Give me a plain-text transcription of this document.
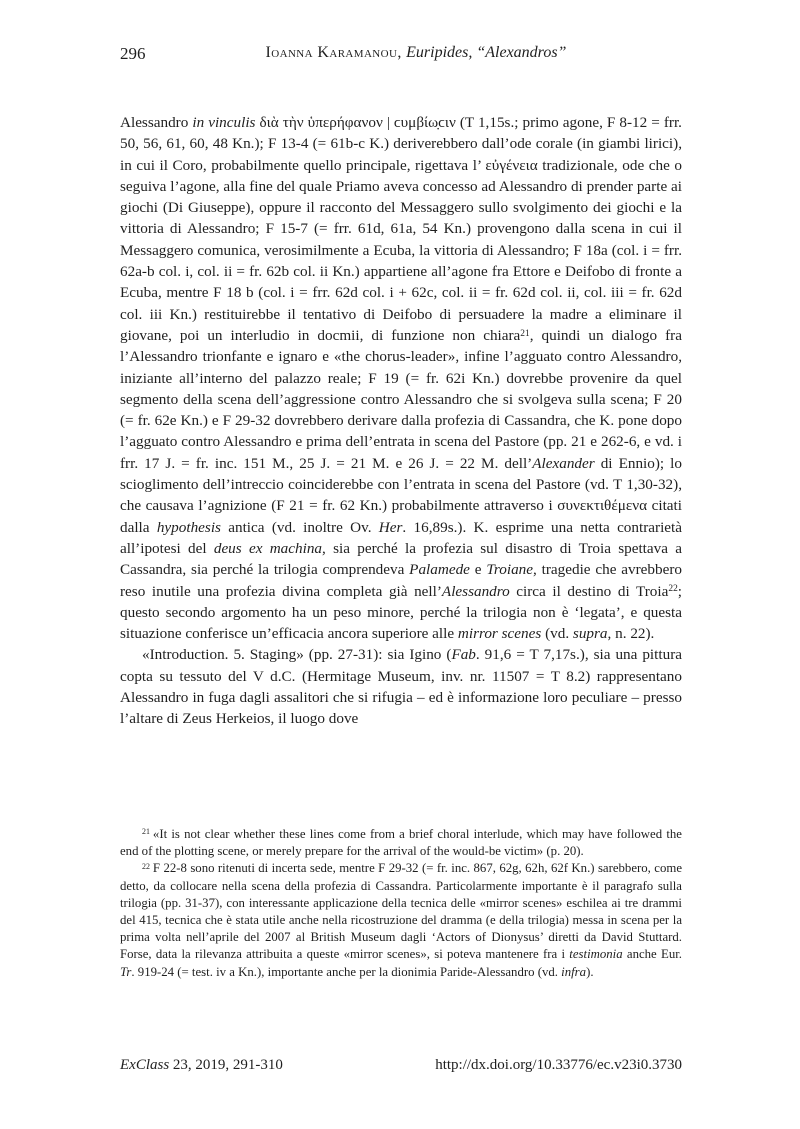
296	Ioanna Karamanou, Euripides, “Alexandros”

Alessandro in vinculis διὰ τὴν ὑπερήφανον | ϲυμβίω̣ϲιν (T 1,15s.; primo agone, F 8-12 = frr. 50, 56, 61, 60, 48 Kn.); F 13-4 (= 61b-c K.) deriverebbero dall’ode corale (in giambi lirici), in cui il Coro, probabilmente quello principale, rigettava l’ εὐγένεια tradizionale, ode che o seguiva l’agone, alla fine del quale Priamo aveva concesso ad Alessandro di prender parte ai giochi (Di Giuseppe), oppure il racconto del Messaggero sullo svolgimento dei giochi e la vittoria di Alessandro; F 15-7 (= frr. 61d, 61a, 54 Kn.) provengono dalla scena in cui il Messaggero comunica, verosimilmente a Ecuba, la vittoria di Alessandro; F 18a (col. i = frr. 62a-b col. i, col. ii = fr. 62b col. ii Kn.) appartiene all’agone fra Ettore e Deifobo di fronte a Ecuba, mentre F 18 b (col. i = frr. 62d col. i + 62c, col. ii = fr. 62d col. ii, col. iii = fr. 62d col. iii Kn.) restituirebbe il tentativo di Deifobo di persuadere la madre a eliminare il giovane, poi un interludio in docmii, di funzione non chiara$^{21}$, quindi un dialogo fra l’Alessandro trionfante e ignaro e «the chorus-leader», infine l’agguato contro Alessandro, iniziante all’interno del palazzo reale; F 19 (= fr. 62i Kn.) dovrebbe provenire da quel segmento della scena dell’aggressione contro Alessandro che si svolgeva sulla scena; F 20 (= fr. 62e Kn.) e F 29-32 dovrebbero derivare dalla profezia di Cassandra, che K. pone dopo l’agguato contro Alessandro e prima dell’entrata in scena del Pastore (pp. 21 e 262-6, e vd. i frr. 17 J. = fr. inc. 151 M., 25 J. = 21 M. e 26 J. = 22 M. dell’Alexander di Ennio); lo scioglimento dell’intreccio coinciderebbe con l’entrata in scena del Pastore (vd. T 1,30-32), che causava l’agnizione (F 21 = fr. 62 Kn.) probabilmente attraverso i συνεκτιθέμενα citati dalla hypothesis antica (vd. inoltre Ov. Her. 16,89s.). K. esprime una netta contrarietà all’ipotesi del deus ex machina, sia perché la profezia sul disastro di Troia spettava a Cassandra, sia perché la trilogia comprendeva Palamede e Troiane, tragedie che avrebbero reso inutile una profezia divina completa già nell’Alessandro circa il destino di Troia$^{22}$; questo secondo argomento ha un peso minore, perché la trilogia non è ‘legata’, e questa situazione conferisce un’efficacia ancora superiore alle mirror scenes (vd. supra, n. 22).

«Introduction. 5. Staging» (pp. 27-31): sia Igino (Fab. 91,6 = T 7,17s.), sia una pittura copta su tessuto del V d.C. (Hermitage Museum, inv. nr. 11507 = T 8.2) rappresentano Alessandro in fuga dagli assalitori che si rifugia – ed è informazione loro peculiare – presso l’altare di Zeus Herkeios, il luogo dove

$^{21}$ «It is not clear whether these lines come from a brief choral interlude, which may have followed the end of the plotting scene, or merely prepare for the arrival of the would-be victim» (p. 20).

$^{22}$ F 22-8 sono ritenuti di incerta sede, mentre F 29-32 (= fr. inc. 867, 62g, 62h, 62f Kn.) sarebbero, come detto, da collocare nella scena della profezia di Cassandra. Particolarmente importante è il paragrafo sulla trilogia (pp. 31-37), con interessante applicazione della tecnica delle «mirror scenes» eschilea ai tre drammi del 415, tecnica che è stata utile anche nella ricostruzione del dramma (e della trilogia) messa in scena per la prima volta nell’aprile del 2007 al British Museum dagli ‘Actors of Dionysus’ diretti da David Stuttard. Forse, data la rilevanza attribuita a queste «mirror scenes», si poteva mantenere fra i testimonia anche Eur. Tr. 919-24 (= test. iv a Kn.), importante anche per la dionimia Paride-Alessandro (vd. infra).

ExClass 23, 2019, 291-310	http://dx.doi.org/10.33776/ec.v23i0.3730
